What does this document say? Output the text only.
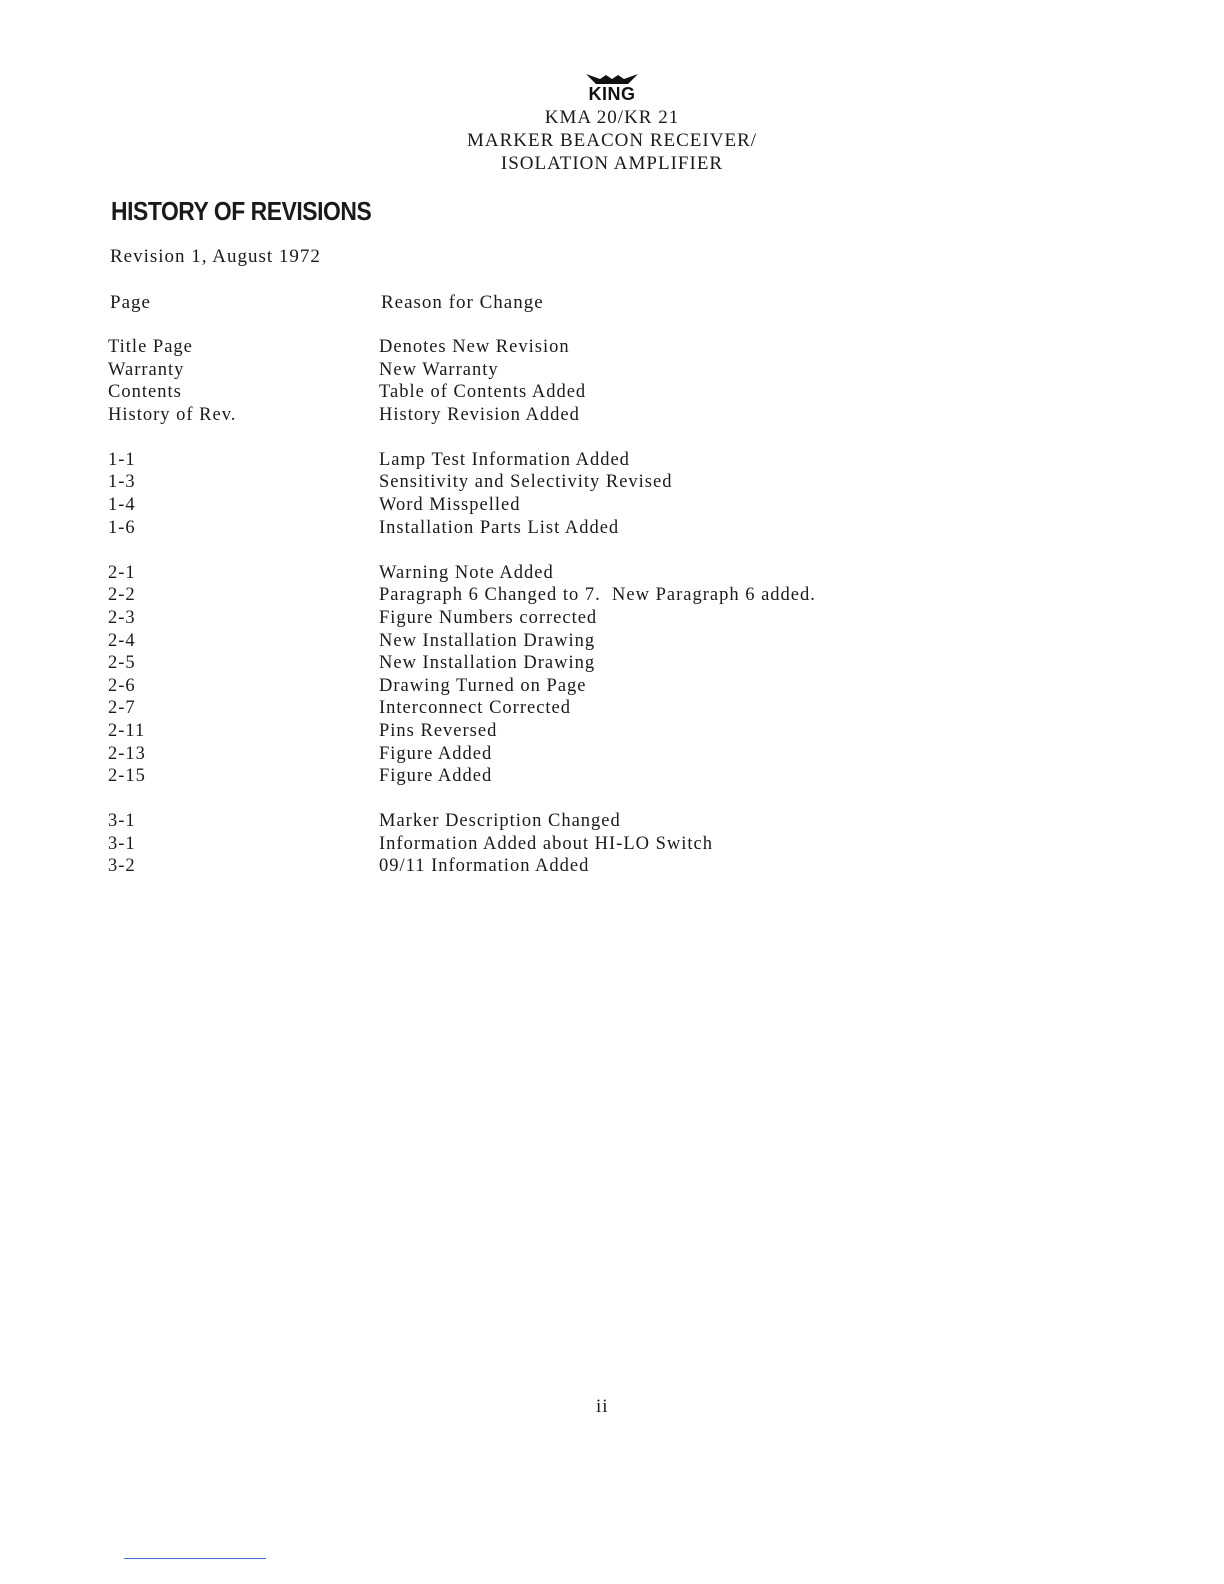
KING
KMA 20/KR 21
MARKER BEACON RECEIVER/
ISOLATION AMPLIFIER
HISTORY OF REVISIONS
Revision 1, August 1972
Page	Reason for Change
Title Page	Denotes New Revision
Warranty	New Warranty
Contents	Table of Contents Added
History of Rev.	History Revision Added
1-1	Lamp Test Information Added
1-3	Sensitivity and Selectivity Revised
1-4	Word Misspelled
1-6	Installation Parts List Added
2-1	Warning Note Added
2-2	Paragraph 6 Changed to 7.  New Paragraph 6 added.
2-3	Figure Numbers corrected
2-4	New Installation Drawing
2-5	New Installation Drawing
2-6	Drawing Turned on Page
2-7	Interconnect Corrected
2-11	Pins Reversed
2-13	Figure Added
2-15	Figure Added
3-1	Marker Description Changed
3-1	Information Added about HI-LO Switch
3-2	09/11 Information Added
ii
